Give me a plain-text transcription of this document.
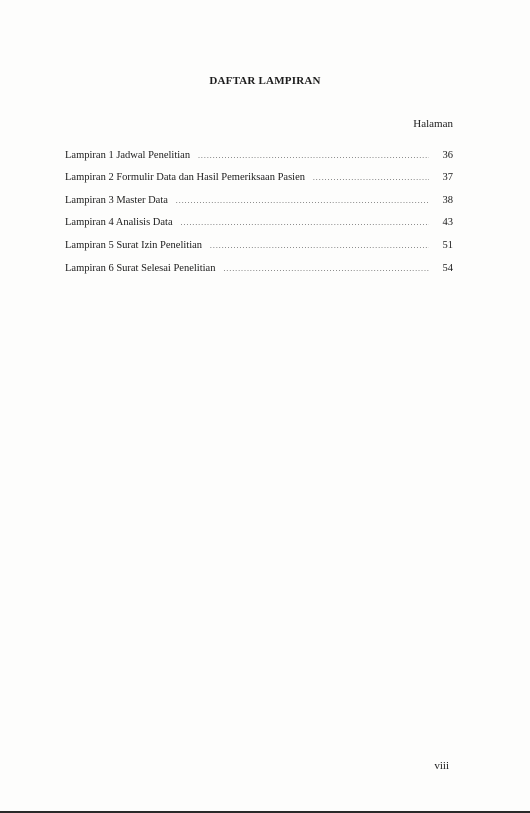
DAFTAR LAMPIRAN
Halaman
Lampiran 1 Jadwal Penelitian .....	36
Lampiran 2 Formulir Data dan Hasil Pemeriksaan Pasien .....	37
Lampiran 3 Master Data .....	38
Lampiran 4 Analisis Data .....	43
Lampiran 5 Surat Izin Penelitian .....	51
Lampiran 6 Surat Selesai Penelitian .....	54
viii
